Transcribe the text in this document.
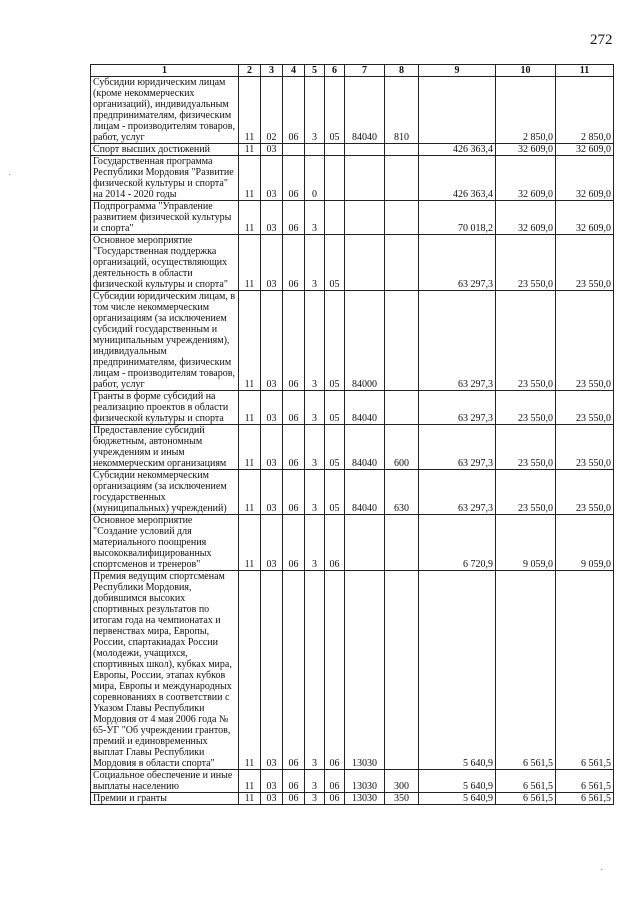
272
1	2	3	4	5	6	7	8	9	10	11
Субсидии юридическим лицам (кроме некоммерческих организаций), индивидуальным предпринимателям, физическим лицам - производителям товаров, работ, услуг	11	02	06	3	05	84040	810		2 850,0	2 850,0
Спорт высших достижений	11	03						426 363,4	32 609,0	32 609,0
Государственная программа Республики Мордовия "Развитие физической культуры и спорта" на 2014 - 2020 годы	11	03	06	0				426 363,4	32 609,0	32 609,0
Подпрограмма "Управление развитием физической культуры и спорта"	11	03	06	3				70 018,2	32 609,0	32 609,0
Основное мероприятие "Государственная поддержка организаций, осуществляющих деятельность в области физической культуры и спорта"	11	03	06	3	05			63 297,3	23 550,0	23 550,0
Субсидии юридическим лицам, в том числе некоммерческим организациям (за исключением субсидий государственным и муниципальным учреждениям), индивидуальным предпринимателям, физическим лицам - производителям товаров, работ, услуг	11	03	06	3	05	84000		63 297,3	23 550,0	23 550,0
Гранты в форме субсидий на реализацию проектов в области физической культуры и спорта	11	03	06	3	05	84040		63 297,3	23 550,0	23 550,0
Предоставление субсидий бюджетным, автономным учреждениям и иным некоммерческим организациям	11	03	06	3	05	84040	600	63 297,3	23 550,0	23 550,0
Субсидии некоммерческим организациям (за исключением государственных (муниципальных) учреждений)	11	03	06	3	05	84040	630	63 297,3	23 550,0	23 550,0
Основное мероприятие "Создание условий для материального поощрения высококвалифицированных спортсменов и тренеров"	11	03	06	3	06			6 720,9	9 059,0	9 059,0
Премия ведущим спортсменам Республики Мордовия, добившимся высоких спортивных результатов по итогам года на чемпионатах и первенствах мира, Европы, России, спартакиадах России (молодежи, учащихся, спортивных школ), кубках мира, Европы, России, этапах кубков мира, Европы и международных соревнованиях в соответствии с Указом Главы Республики Мордовия от 4 мая 2006 года № 65-УГ "Об учреждении грантов, премий и единовременных выплат Главы Республики Мордовия в области спорта"	11	03	06	3	06	13030		5 640,9	6 561,5	6 561,5
Социальное обеспечение и иные выплаты населению	11	03	06	3	06	13030	300	5 640,9	6 561,5	6 561,5
Премии и гранты	11	03	06	3	06	13030	350	5 640,9	6 561,5	6 561,5
·
·
